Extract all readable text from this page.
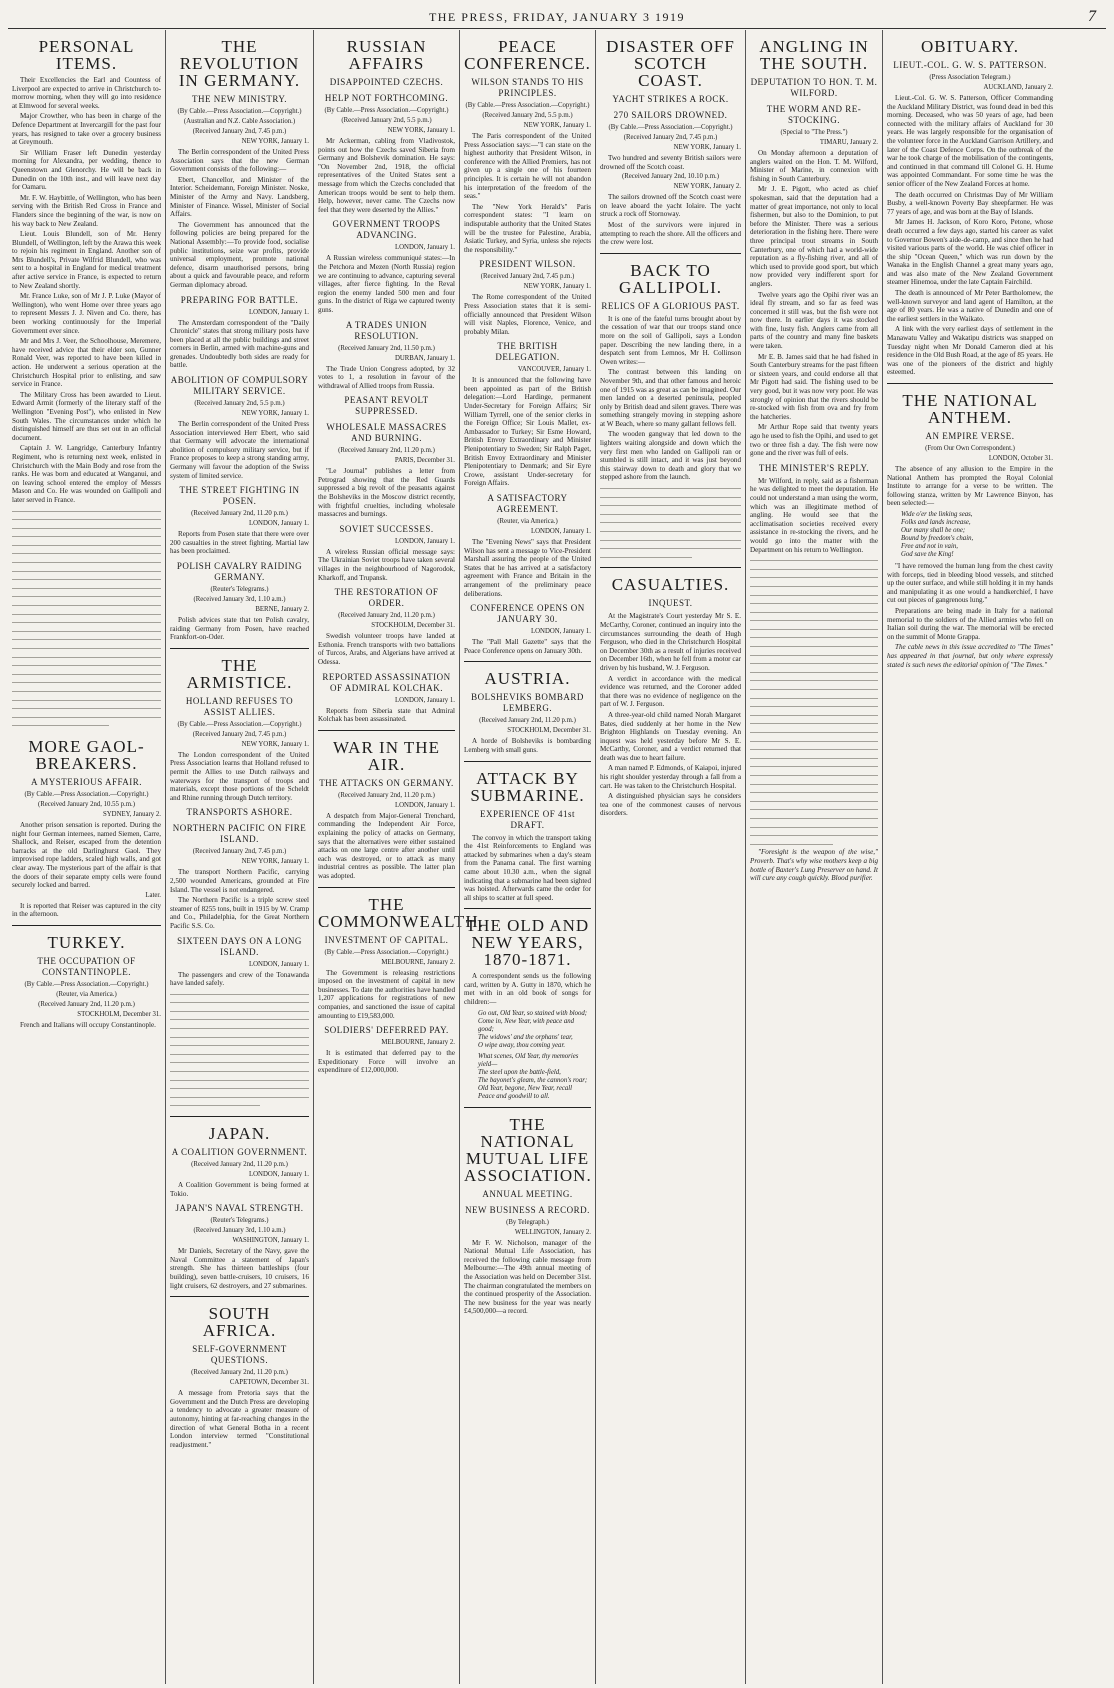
THE PRESS, FRIDAY, JANUARY 3 1919	7
PERSONAL ITEMS.

Their Excellencies the Earl and Countess of Liverpool are expected to arrive in Christchurch to-morrow morning, when they will go into residence at Elmwood for several weeks.

Major Crowther, who has been in charge of the Defence Department at Invercargill for the past four years, has resigned to take over a grocery business at Greymouth.

Sir William Fraser left Dunedin yesterday morning for Alexandra, per wedding, thence to Queenstown and Glenorchy. He will be back in Dunedin on the 10th inst., and will leave next day for Oamaru.

Mr. F. W. Haybittle, of Wellington, who has been serving with the British Red Cross in France and Flanders since the beginning of the war, is now on his way back to New Zealand.

Lieut. Louis Blundell, son of Mr. Henry Blundell, of Wellington, left by the Arawa this week to rejoin his regiment in England. Another son of Mrs Blundell's, Private Wilfrid Blundell, who was sent to a hospital in England for medical treatment after active service in France, is expected to return to New Zealand shortly.

Mr. France Luke, son of Mr J. P. Luke (Mayor of Wellington), who went Home over three years ago to represent Messrs J. J. Niven and Co. there, has been working continuously for the Imperial Government ever since.

Mr and Mrs J. Veer, the Schoolhouse, Meremere, have received advice that their elder son, Gunner Ronald Veer, was reported to have been killed in action. He underwent a serious operation at the Christchurch Hospital prior to enlisting, and saw service in France.

The Military Cross has been awarded to Lieut. Edward Armit (formerly of the literary staff of the Wellington "Evening Post"), who enlisted in New South Wales. The circumstances under which he distinguished himself are thus set out in an official document.

Captain J. W. Langridge, Canterbury Infantry Regiment, who is returning next week, enlisted in Christchurch with the Main Body and rose from the ranks. He was born and educated at Wanganui, and on leaving school entered the employ of Messrs Mason and Co. He was wounded on Gallipoli and later served in France.

MORE GAOL-BREAKERS.
A MYSTERIOUS AFFAIR.
(By Cable.—Press Association.—Copyright.)
(Received January 2nd, 10.55 p.m.)
SYDNEY, January 2.

Another prison sensation is reported. During the night four German internees, named Siemen, Carre, Shallock, and Reiser, escaped from the detention barracks at the old Darlinghurst Gaol. They improvised rope ladders, scaled high walls, and got clear away. The mysterious part of the affair is that the doors of their separate empty cells were found securely locked and barred.

Later.

It is reported that Reiser was captured in the city in the afternoon.

TURKEY.
THE OCCUPATION OF CONSTANTINOPLE.
(By Cable.—Press Association.—Copyright.)
(Reuter, via America.)
(Received January 2nd, 11.20 p.m.)
STOCKHOLM, December 31.

French and Italians will occupy Constantinople.

THE REVOLUTION IN GERMANY.
THE NEW MINISTRY.
(By Cable.—Press Association.—Copyright.)
(Australian and N.Z. Cable Association.)
(Received January 2nd, 7.45 p.m.)
NEW YORK, January 1.

The Berlin correspondent of the United Press Association says that the new German Government consists of the following:—

Ebert, Chancellor, and Minister of the Interior. Scheidemann, Foreign Minister. Noske, Minister of the Army and Navy. Landsberg, Minister of Finance. Wissel, Minister of Social Affairs.

The Government has announced that the following policies are being prepared for the National Assembly:—To provide food, socialise public institutions, seize war profits, provide universal employment, promote national defence, disarm unauthorised persons, bring about a quick and favourable peace, and reform German diplomacy abroad.

PREPARING FOR BATTLE.
LONDON, January 1.

The Amsterdam correspondent of the "Daily Chronicle" states that strong military posts have been placed at all the public buildings and street corners in Berlin, armed with machine-guns and grenades. Undoubtedly both sides are ready for battle.

ABOLITION OF COMPULSORY MILITARY SERVICE.
(Received January 2nd, 5.5 p.m.)
NEW YORK, January 1.

The Berlin correspondent of the United Press Association interviewed Herr Ebert, who said that Germany will advocate the international abolition of compulsory military service, but if France proposes to keep a strong standing army, Germany will favour the adoption of the Swiss system of limited service.

THE STREET FIGHTING IN POSEN.
(Received January 2nd, 11.20 p.m.)
LONDON, January 1.

Reports from Posen state that there were over 200 casualties in the street fighting. Martial law has been proclaimed.

POLISH CAVALRY RAIDING GERMANY.
(Reuter's Telegrams.)
(Received January 3rd, 1.10 a.m.)
BERNE, January 2.

Polish advices state that ten Polish cavalry, raiding Germany from Posen, have reached Frankfort-on-Oder.

THE ARMISTICE.
HOLLAND REFUSES TO ASSIST ALLIES.
(By Cable.—Press Association.—Copyright.)
(Received January 2nd, 7.45 p.m.)
NEW YORK, January 1.

The London correspondent of the United Press Association learns that Holland refused to permit the Allies to use Dutch railways and waterways for the transport of troops and materials, except those portions of the Scheldt and Rhine running through Dutch territory.

TRANSPORTS ASHORE.
NORTHERN PACIFIC ON FIRE ISLAND.
(Received January 2nd, 7.45 p.m.)
NEW YORK, January 1.

The transport Northern Pacific, carrying 2,500 wounded Americans, grounded at Fire Island. The vessel is not endangered.

The Northern Pacific is a triple screw steel steamer of 8255 tons, built in 1915 by W. Cramp and Co., Philadelphia, for the Great Northern Pacific S.S. Co.

SIXTEEN DAYS ON A LONG ISLAND.
LONDON, January 1.

The passengers and crew of the Tonawanda have landed safely.

JAPAN.
A COALITION GOVERNMENT.
(Received January 2nd, 11.20 p.m.)
LONDON, January 1.

A Coalition Government is being formed at Tokio.

JAPAN'S NAVAL STRENGTH.
(Reuter's Telegrams.)
(Received January 3rd, 1.10 a.m.)
WASHINGTON, January 1.

Mr Daniels, Secretary of the Navy, gave the Naval Committee a statement of Japan's strength. She has thirteen battleships (four building), seven battle-cruisers, 10 cruisers, 16 light cruisers, 62 destroyers, and 27 submarines.

SOUTH AFRICA.
SELF-GOVERNMENT QUESTIONS.
(Received January 2nd, 11.20 p.m.)
CAPETOWN, December 31.

A message from Pretoria says that the Government and the Dutch Press are developing a tendency to advocate a greater measure of autonomy, hinting at far-reaching changes in the direction of what General Botha in a recent London interview termed "Constitutional readjustment."

RUSSIAN AFFAIRS
DISAPPOINTED CZECHS.
HELP NOT FORTHCOMING.
(By Cable.—Press Association.—Copyright.)
(Received January 2nd, 5.5 p.m.)
NEW YORK, January 1.

Mr Ackerman, cabling from Vladivostok, points out how the Czechs saved Siberia from Germany and Bolshevik domination. He says: "On November 2nd, 1918, the official representatives of the United States sent a message from which the Czechs concluded that American troops would be sent to help them. Help, however, never came. The Czechs now feel that they were deserted by the Allies."

GOVERNMENT TROOPS ADVANCING.
LONDON, January 1.

A Russian wireless communiqué states:—In the Petchora and Mezen (North Russia) region we are continuing to advance, capturing several villages, after fierce fighting. In the Reval region the enemy landed 500 men and four guns. In the district of Riga we captured twenty guns.

A TRADES UNION RESOLUTION.
(Received January 2nd, 11.50 p.m.)
DURBAN, January 1.

The Trade Union Congress adopted, by 32 votes to 1, a resolution in favour of the withdrawal of Allied troops from Russia.

PEASANT REVOLT SUPPRESSED.
WHOLESALE MASSACRES AND BURNING.
(Received January 2nd, 11.20 p.m.)
PARIS, December 31.

"Le Journal" publishes a letter from Petrograd showing that the Red Guards suppressed a big revolt of the peasants against the Bolsheviks in the Moscow district recently, with frightful cruelties, including wholesale massacres and burnings.

SOVIET SUCCESSES.
LONDON, January 1.

A wireless Russian official message says: The Ukrainian Soviet troops have taken several villages in the neighbourhood of Nagorodok, Kharkoff, and Trupansk.

THE RESTORATION OF ORDER.
(Received January 2nd, 11.20 p.m.)
STOCKHOLM, December 31.

Swedish volunteer troops have landed at Esthonia. French transports with two battalions of Turcos, Arabs, and Algerians have arrived at Odessa.

REPORTED ASSASSINATION OF ADMIRAL KOLCHAK.
LONDON, January 1.

Reports from Siberia state that Admiral Kolchak has been assassinated.

WAR IN THE AIR.
THE ATTACKS ON GERMANY.
(Received January 2nd, 11.20 p.m.)
LONDON, January 1.

A despatch from Major-General Trenchard, commanding the Independent Air Force, explaining the policy of attacks on Germany, says that the alternatives were either sustained attacks on one large centre after another until each was destroyed, or to attack as many industrial centres as possible. The latter plan was adopted.

THE COMMONWEALTH.
INVESTMENT OF CAPITAL.
(By Cable.—Press Association.—Copyright.)
MELBOURNE, January 2.

The Government is releasing restrictions imposed on the investment of capital in new businesses. To date the authorities have handled 1,207 applications for registrations of new companies, and sanctioned the issue of capital amounting to £19,583,000.

SOLDIERS' DEFERRED PAY.
MELBOURNE, January 2.

It is estimated that deferred pay to the Expeditionary Force will involve an expenditure of £12,000,000.

PEACE CONFERENCE.
WILSON STANDS TO HIS PRINCIPLES.
(By Cable.—Press Association.—Copyright.)
(Received January 2nd, 5.5 p.m.)
NEW YORK, January 1.

The Paris correspondent of the United Press Association says:—"I can state on the highest authority that President Wilson, in conference with the Allied Premiers, has not given up a single one of his fourteen principles. It is certain he will not abandon his interpretation of the freedom of the seas."

The "New York Herald's" Paris correspondent states: "I learn on indisputable authority that the United States will be the trustee for Palestine, Arabia, Asiatic Turkey, and Syria, unless she rejects the responsibility."

PRESIDENT WILSON.
(Received January 2nd, 7.45 p.m.)
NEW YORK, January 1.

The Rome correspondent of the United Press Association states that it is semi-officially announced that President Wilson will visit Naples, Florence, Venice, and probably Milan.

THE BRITISH DELEGATION.
VANCOUVER, January 1.

It is announced that the following have been appointed as part of the British delegation:—Lord Hardinge, permanent Under-Secretary for Foreign Affairs; Sir William Tyrrell, one of the senior clerks in the Foreign Office; Sir Louis Mallet, ex-Ambassador to Turkey; Sir Esme Howard, British Envoy Extraordinary and Minister Plenipotentiary to Sweden; Sir Ralph Paget, British Envoy Extraordinary and Minister Plenipotentiary to Denmark; and Sir Eyre Crowe, assistant Under-secretary for Foreign Affairs.

A SATISFACTORY AGREEMENT.
(Reuter, via America.)
LONDON, January 1.

The "Evening News" says that President Wilson has sent a message to Vice-President Marshall assuring the people of the United States that he has arrived at a satisfactory agreement with France and Britain in the arrangement of the preliminary peace deliberations.

CONFERENCE OPENS ON JANUARY 30.
LONDON, January 1.

The "Pall Mall Gazette" says that the Peace Conference opens on January 30th.

AUSTRIA.
BOLSHEVIKS BOMBARD LEMBERG.
(Received January 2nd, 11.20 p.m.)
STOCKHOLM, December 31.

A horde of Bolsheviks is bombarding Lemberg with small guns.

ATTACK BY SUBMARINE.
EXPERIENCE OF 41st DRAFT.

The convoy in which the transport taking the 41st Reinforcements to England was attacked by submarines when a day's steam from the Panama canal. The first warning came about 10.30 a.m., when the signal indicating that a submarine had been sighted was hoisted. Afterwards came the order for all ships to scatter at full speed.

THE OLD AND NEW YEARS, 1870-1871.

A correspondent sends us the following card, written by A. Gutty in 1870, which he met with in an old book of songs for children:—

Go out, Old Year, so stained with blood;
Come in, New Year, with peace and good;
The widows' and the orphans' tear,
O wipe away, thou coming year.
What scenes, Old Year, thy memories yield—
The steel upon the battle-field,
The bayonet's gleam, the cannon's roar;
Old Year, begone, New Year, recall
Peace and goodwill to all.
THE NATIONAL MUTUAL LIFE ASSOCIATION.
ANNUAL MEETING.
NEW BUSINESS A RECORD.
(By Telegraph.)
WELLINGTON, January 2.

Mr F. W. Nicholson, manager of the National Mutual Life Association, has received the following cable message from Melbourne:—The 49th annual meeting of the Association was held on December 31st. The chairman congratulated the members on the continued prosperity of the Association. The new business for the year was nearly £4,500,000—a record.

DISASTER OFF SCOTCH COAST.
YACHT STRIKES A ROCK.
270 SAILORS DROWNED.
(By Cable.—Press Association.—Copyright.)
(Received January 2nd, 7.45 p.m.)
NEW YORK, January 1.

Two hundred and seventy British sailors were drowned off the Scotch coast.

(Received January 2nd, 10.10 p.m.)
NEW YORK, January 2.

The sailors drowned off the Scotch coast were on leave aboard the yacht Iolaire. The yacht struck a rock off Stornoway.

Most of the survivors were injured in attempting to reach the shore. All the officers and the crew were lost.

BACK TO GALLIPOLI.
RELICS OF A GLORIOUS PAST.

It is one of the fateful turns brought about by the cessation of war that our troops stand once more on the soil of Gallipoli, says a London paper. Describing the new landing there, in a despatch sent from Lemnos, Mr H. Collinson Owen writes:—

The contrast between this landing on November 9th, and that other famous and heroic one of 1915 was as great as can be imagined. Our men landed on a deserted peninsula, peopled only by British dead and silent graves. There was something strangely moving in stepping ashore at W Beach, where so many gallant fellows fell.

The wooden gangway that led down to the lighters waiting alongside and down which the very first men who landed on Gallipoli ran or stumbled is still intact, and it was just beyond this stairway down to death and glory that we stepped ashore from the launch.

CASUALTIES.
INQUEST.

At the Magistrate's Court yesterday Mr S. E. McCarthy, Coroner, continued an inquiry into the circumstances surrounding the death of Hugh Ferguson, who died in the Christchurch Hospital on December 30th as a result of injuries received on December 16th, when he fell from a motor car driven by his husband, W. J. Ferguson.

A verdict in accordance with the medical evidence was returned, and the Coroner added that there was no evidence of negligence on the part of W. J. Ferguson.

A three-year-old child named Norah Margaret Bates, died suddenly at her home in the New Brighton Highlands on Tuesday evening. An inquest was held yesterday before Mr S. E. McCarthy, Coroner, and a verdict returned that death was due to heart failure.

A man named P. Edmonds, of Kaiapoi, injured his right shoulder yesterday through a fall from a cart. He was taken to the Christchurch Hospital.

A distinguished physician says he considers tea one of the commonest causes of nervous disorders.

ANGLING IN THE SOUTH.
DEPUTATION TO HON. T. M. WILFORD.
THE WORM AND RE-STOCKING.
(Special to "The Press.")
TIMARU, January 2.

On Monday afternoon a deputation of anglers waited on the Hon. T. M. Wilford, Minister of Marine, in connexion with fishing in South Canterbury.

Mr J. E. Pigott, who acted as chief spokesman, said that the deputation had a matter of great importance, not only to local fishermen, but also to the Dominion, to put before the Minister. There was a serious deterioration in the fishing here. There were three principal trout streams in South Canterbury, one of which had a world-wide reputation as a fly-fishing river, and all of which used to provide good sport, but which now provided very indifferent sport for anglers.

Twelve years ago the Opihi river was an ideal fly stream, and so far as feed was concerned it still was, but the fish were not now there. In earlier days it was stocked with fine, lusty fish. Anglers came from all parts of the country and many fine baskets were taken.

Mr E. B. James said that he had fished in South Canterbury streams for the past fifteen or sixteen years, and could endorse all that Mr Pigott had said. The fishing used to be very good, but it was now very poor. He was strongly of opinion that the rivers should be re-stocked with fish from ova and fry from the hatcheries.

Mr Arthur Rope said that twenty years ago he used to fish the Opihi, and used to get two or three fish a day. The fish were now gone and the river was full of eels.

THE MINISTER'S REPLY.

Mr Wilford, in reply, said as a fisherman he was delighted to meet the deputation. He could not understand a man using the worm, which was an illegitimate method of angling. He would see that the acclimatisation societies received every assistance in re-stocking the rivers, and he would go into the matter with the Department on his return to Wellington.

"Foresight is the weapon of the wise," Proverb. That's why wise mothers keep a big bottle of Baxter's Lung Preserver on hand. It will cure any cough quickly. Blood purifier.

OBITUARY.
LIEUT.-COL. G. W. S. PATTERSON.
(Press Association Telegram.)
AUCKLAND, January 2.

Lieut.-Col. G. W. S. Patterson, Officer Commanding the Auckland Military District, was found dead in bed this morning. Deceased, who was 50 years of age, had been connected with the military affairs of Auckland for 30 years. He was largely responsible for the organisation of the volunteer force in the Auckland Garrison Artillery, and later of the Coast Defence Corps. On the outbreak of the war he took charge of the mobilisation of the contingents, and continued in that command till Colonel G. H. Hume was appointed Commandant. For some time he was the senior officer of the New Zealand Forces at home.

The death occurred on Christmas Day of Mr William Busby, a well-known Poverty Bay sheepfarmer. He was 77 years of age, and was born at the Bay of Islands.

Mr James H. Jackson, of Koro Koro, Petone, whose death occurred a few days ago, started his career as valet to Governor Bowen's aide-de-camp, and since then he had visited various parts of the world. He was chief officer in the ship "Ocean Queen," which was run down by the Wanaka in the English Channel a great many years ago, and was also mate of the New Zealand Government steamer Hinemoa, under the late Captain Fairchild.

The death is announced of Mr Peter Bartholomew, the well-known surveyor and land agent of Hamilton, at the age of 80 years. He was a native of Dunedin and one of the earliest settlers in the Waikato.

A link with the very earliest days of settlement in the Manawatu Valley and Wakatipu districts was snapped on Tuesday night when Mr Donald Cameron died at his residence in the Old Bush Road, at the age of 85 years. He was one of the pioneers of the district and highly esteemed.

THE NATIONAL ANTHEM.
AN EMPIRE VERSE.
(From Our Own Correspondent.)
LONDON, October 31.

The absence of any allusion to the Empire in the National Anthem has prompted the Royal Colonial Institute to arrange for a verse to be written. The following stanza, written by Mr Lawrence Binyon, has been selected:—

Wide o'er the linking seas,
Folks and lands increase,
Our many shall be one;
Bound by freedom's chain,
Free and not in vain,
God save the King!

"I have removed the human lung from the chest cavity with forceps, tied in bleeding blood vessels, and stitched up the outer surface, and while still holding it in my hands and manipulating it as one would a handkerchief, I have cut out pieces of gangrenous lung."

Preparations are being made in Italy for a national memorial to the soldiers of the Allied armies who fell on Italian soil during the war. The memorial will be erected on the summit of Monte Grappa.

The cable news in this issue accredited to "The Times" has appeared in that journal, but only where expressly stated is such news the editorial opinion of "The Times."
